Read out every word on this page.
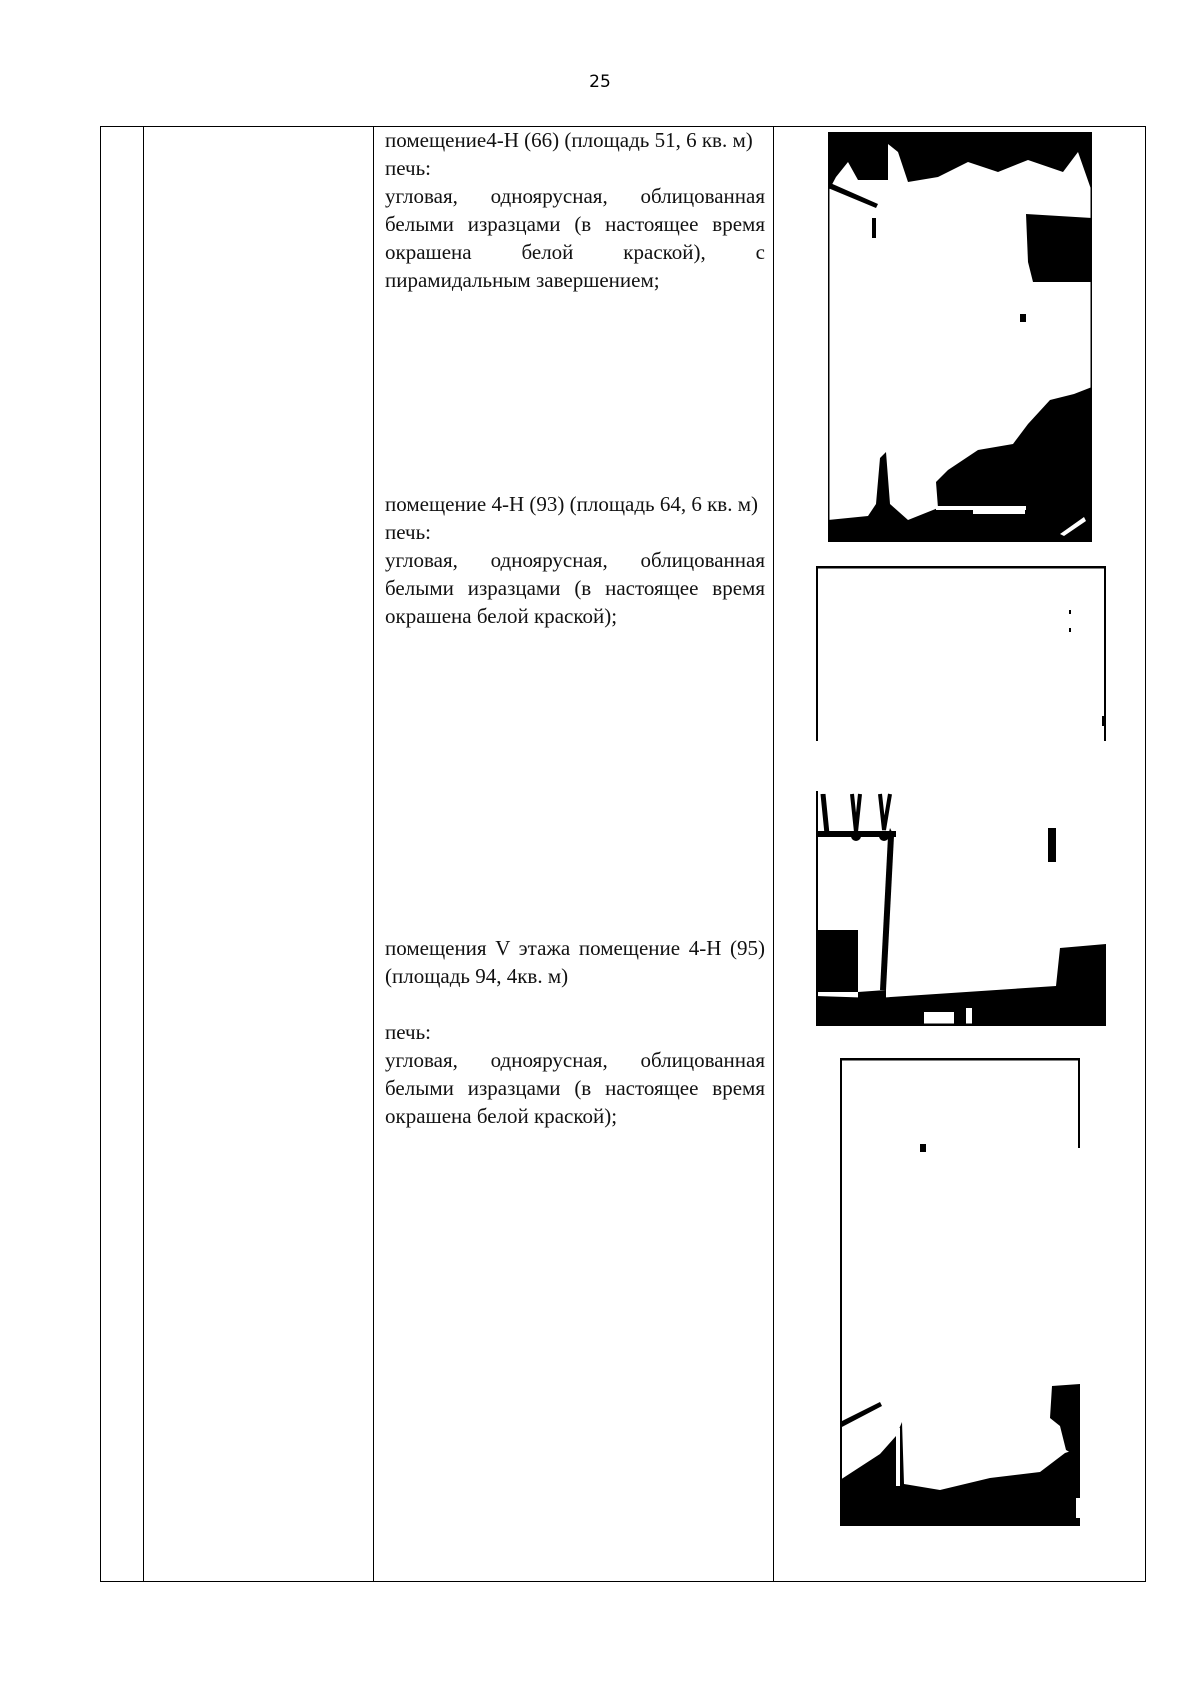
25

помещение4-Н (66) (площадь 51, 6 кв. м)

печь:

угловая, одноярусная, облицованная белыми изразцами (в настоящее время окрашена белой краской), с пирамидальным завершением;

помещение 4-Н (93) (площадь 64, 6 кв. м)

печь:

угловая, одноярусная, облицованная белыми изразцами (в настоящее время окрашена белой краской);

помещения V этажа помещение 4-Н (95) (площадь 94, 4кв. м)

печь:

угловая, одноярусная, облицованная белыми изразцами (в настоящее время окрашена белой краской);
